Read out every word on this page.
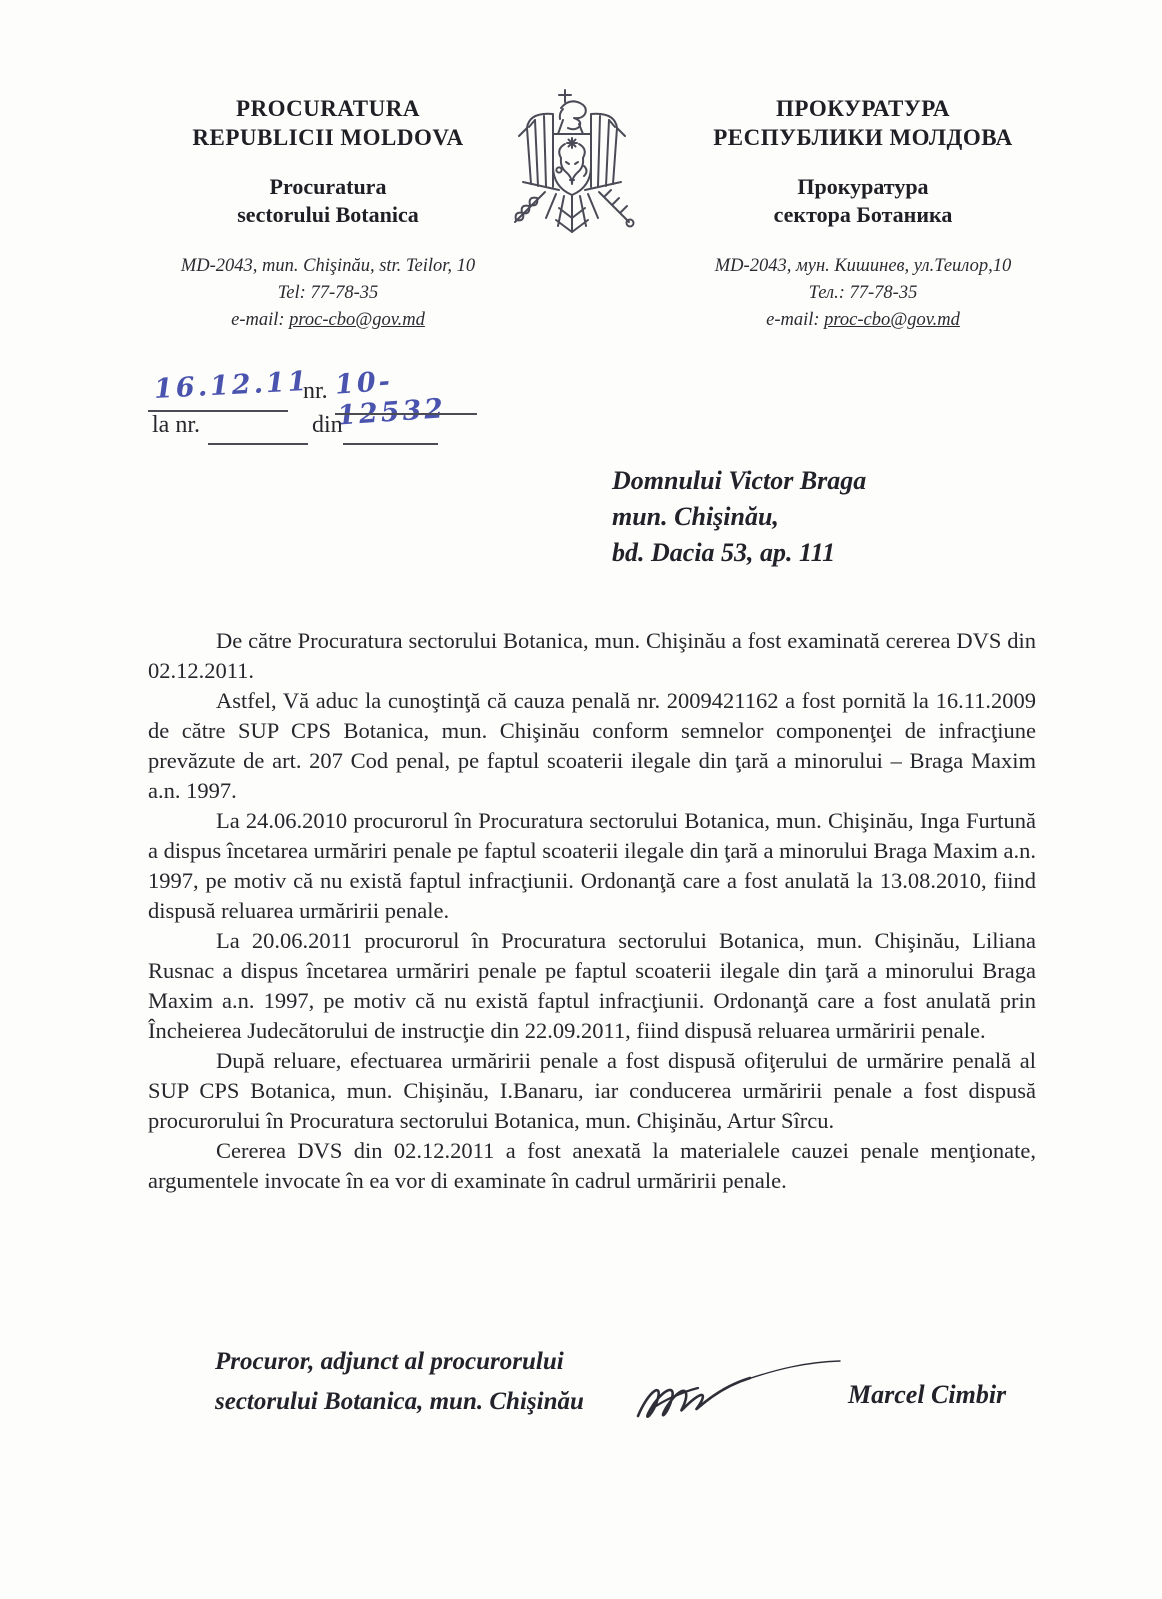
PROCURATURA
REPUBLICII MOLDOVA
Procuratura
sectorului Botanica
MD-2043, mun. Chişinău, str. Teilor, 10
Tel: 77-78-35
e-mail: proc-cbo@gov.md
ПРОКУРАТУРА
РЕСПУБЛИКИ МОЛДОВА
Прокуратура
сектора Ботаника
MD-2043, мун. Кишинев, ул.Теилор,10
Тел.: 77-78-35
e-mail: proc-cbo@gov.md
16.12.11
nr. 10-12532
la nr.	din
Domnului Victor Braga
mun. Chişinău,
bd. Dacia 53, ap. 111

De către Procuratura sectorului Botanica, mun. Chişinău a fost examinată cererea DVS din 02.12.2011.

Astfel, Vă aduc la cunoştinţă că cauza penală nr. 2009421162 a fost pornită la 16.11.2009 de către SUP CPS Botanica, mun. Chişinău conform semnelor componenţei de infracţiune prevăzute de art. 207 Cod penal, pe faptul scoaterii ilegale din ţară a minorului – Braga Maxim a.n. 1997.

La 24.06.2010 procurorul în Procuratura sectorului Botanica, mun. Chişinău, Inga Furtună a dispus încetarea urmăriri penale pe faptul scoaterii ilegale din ţară a minorului Braga Maxim a.n. 1997, pe motiv că nu există faptul infracţiunii. Ordonanţă care a fost anulată la 13.08.2010, fiind dispusă reluarea urmăririi penale.

La 20.06.2011 procurorul în Procuratura sectorului Botanica, mun. Chişinău, Liliana Rusnac a dispus încetarea urmăriri penale pe faptul scoaterii ilegale din ţară a minorului Braga Maxim a.n. 1997, pe motiv că nu există faptul infracţiunii. Ordonanţă care a fost anulată prin Încheierea Judecătorului de instrucţie din 22.09.2011, fiind dispusă reluarea urmăririi penale.

După reluare, efectuarea urmăririi penale a fost dispusă ofiţerului de urmărire penală al SUP CPS Botanica, mun. Chişinău, I.Banaru, iar conducerea urmăririi penale a fost dispusă procurorului în Procuratura sectorului Botanica, mun. Chişinău, Artur Sîrcu.

Cererea DVS din 02.12.2011 a fost anexată la materialele cauzei penale menţionate, argumentele invocate în ea vor di examinate în cadrul urmăririi penale.

Procuror, adjunct al procurorului
sectorului Botanica, mun. Chişinău	Marcel Cimbir
